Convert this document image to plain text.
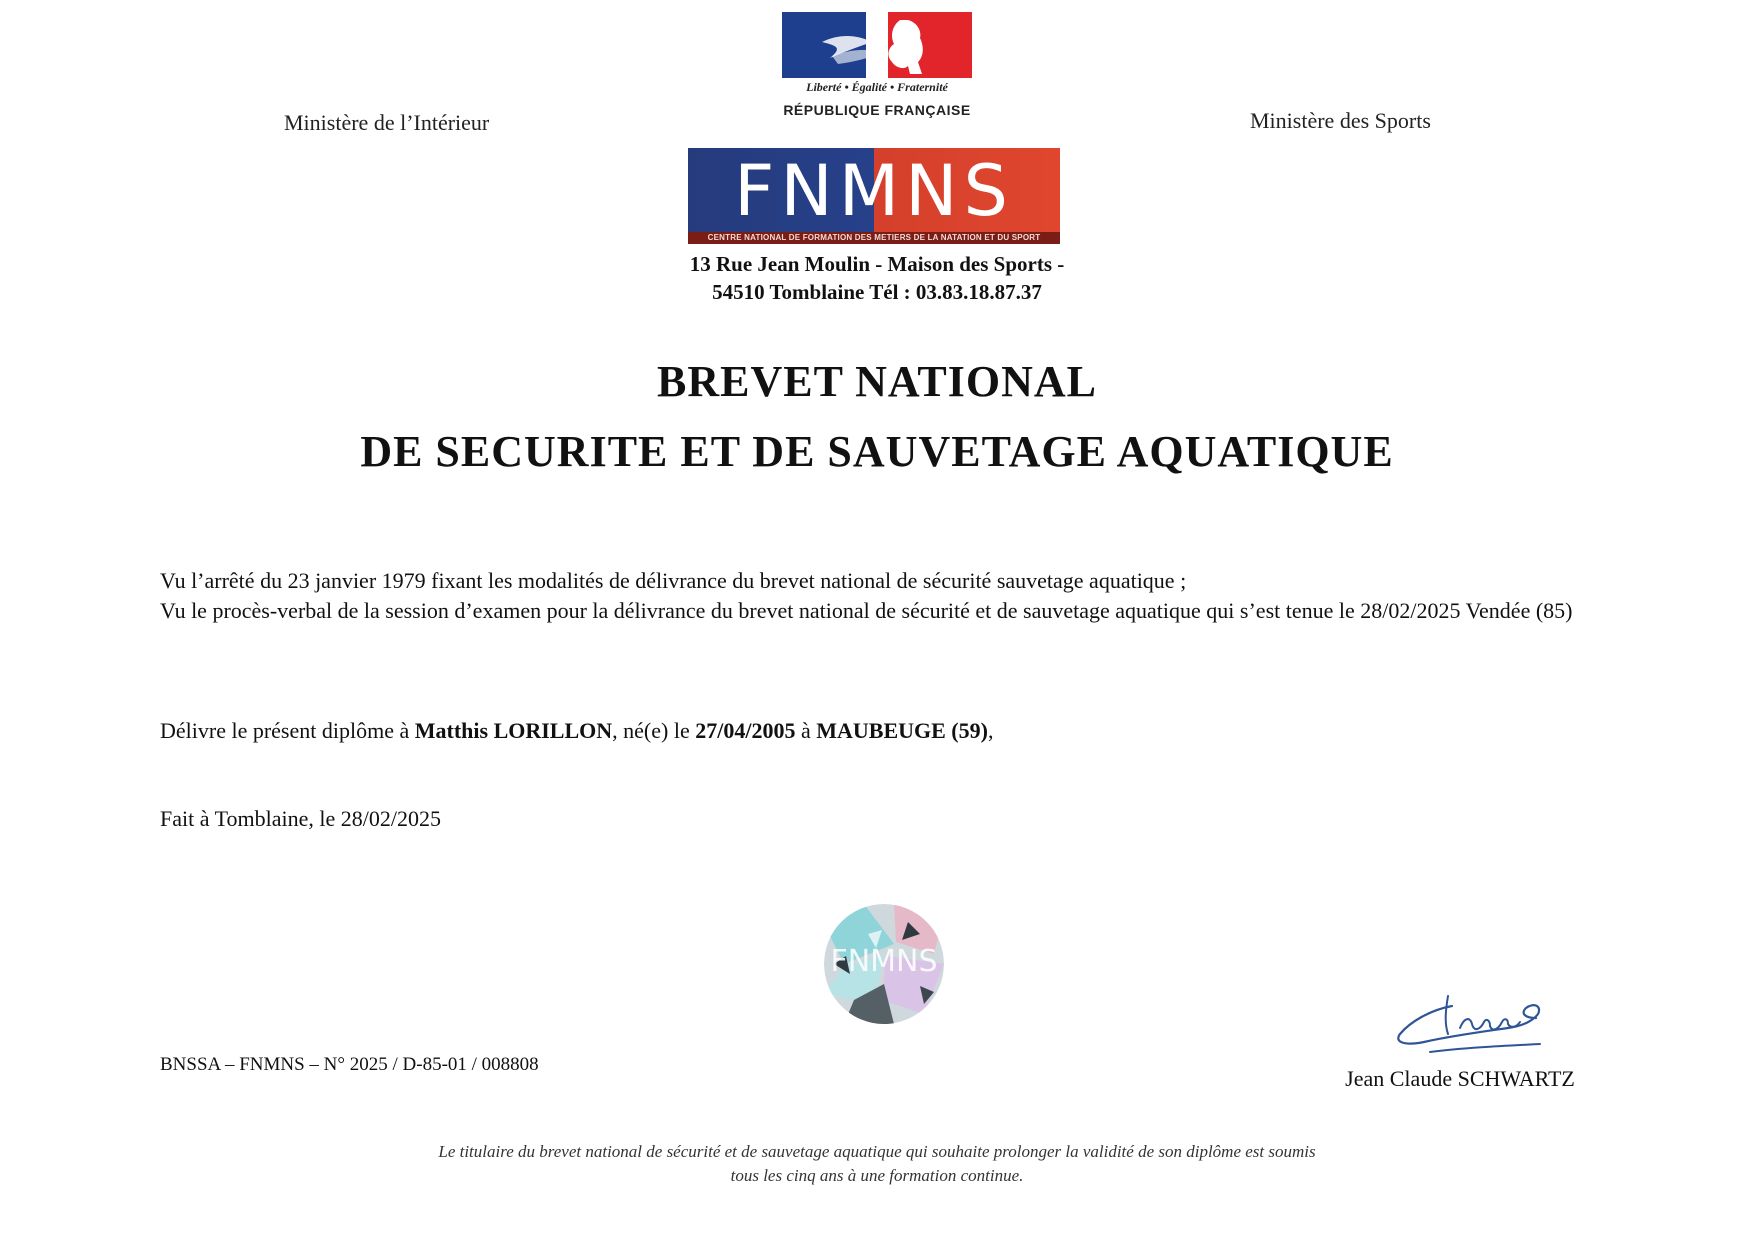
Ministère de l’Intérieur	Ministère des Sports
Liberté • Égalité • Fraternité
RÉPUBLIQUE FRANÇAISE
FNMNS
CENTRE NATIONAL DE FORMATION DES METIERS DE LA NATATION ET DU SPORT
13 Rue Jean Moulin - Maison des Sports -
54510 Tomblaine Tél : 03.83.18.87.37
BREVET NATIONAL
DE SECURITE ET DE SAUVETAGE AQUATIQUE
Vu l’arrêté du 23 janvier 1979 fixant les modalités de délivrance du brevet national de sécurité sauvetage aquatique ;
Vu le procès-verbal de la session d’examen pour la délivrance du brevet national de sécurité et de sauvetage aquatique qui s’est tenue le 28/02/2025 Vendée (85)
Délivre le présent diplôme à Matthis LORILLON, né(e) le 27/04/2005 à MAUBEUGE (59),
Fait à Tomblaine, le 28/02/2025
FNMNS
BNSSA – FNMNS – N° 2025 / D-85-01 / 008808
Jean Claude SCHWARTZ
Le titulaire du brevet national de sécurité et de sauvetage aquatique qui souhaite prolonger la validité de son diplôme est soumis
tous les cinq ans à une formation continue.
